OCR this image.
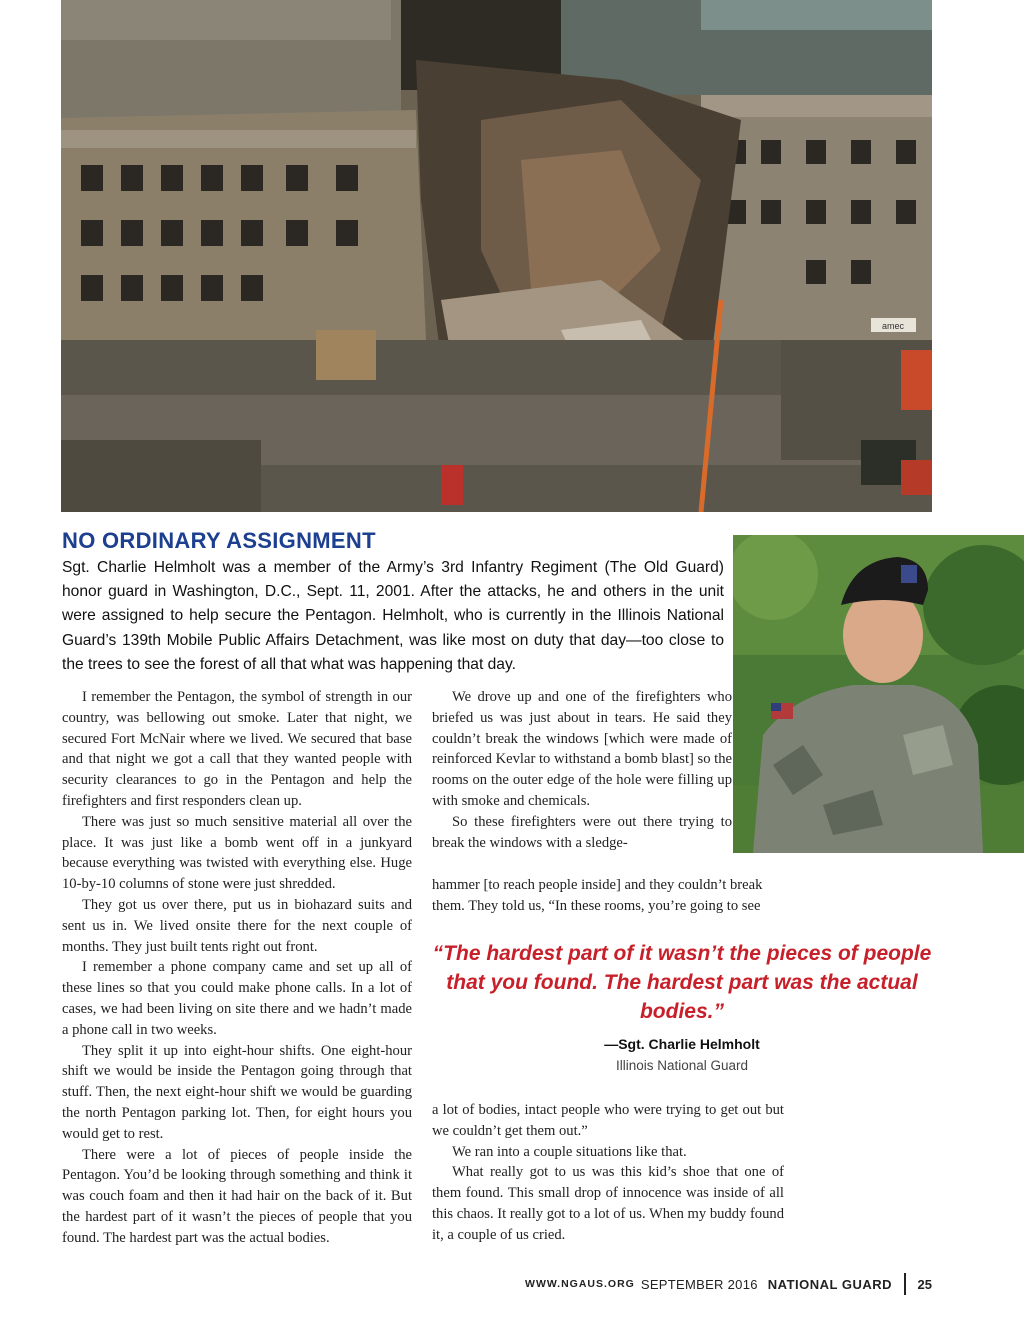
amec
NO ORDINARY ASSIGNMENT

Sgt. Charlie Helmholt was a member of the Army’s 3rd Infantry Regiment (The Old Guard) honor guard in Washington, D.C., Sept. 11, 2001. After the attacks, he and others in the unit were assigned to help secure the Pentagon. Helmholt, who is currently in the Illinois National Guard’s 139th Mobile Public Affairs Detachment, was like most on duty that day—too close to the trees to see the forest of all that what was happening that day.

I remember the Pentagon, the symbol of strength in our country, was bellowing out smoke. Later that night, we secured Fort McNair where we lived. We secured that base and that night we got a call that they wanted people with security clearances to go in the Pentagon and help the firefighters and first responders clean up.

There was just so much sensitive material all over the place. It was just like a bomb went off in a junkyard because everything was twisted with everything else. Huge 10-by-10 columns of stone were just shredded.

They got us over there, put us in biohazard suits and sent us in. We lived onsite there for the next couple of months. They just built tents right out front.

I remember a phone company came and set up all of these lines so that you could make phone calls. In a lot of cases, we had been living on site there and we hadn’t made a phone call in two weeks.

They split it up into eight-hour shifts. One eight-hour shift we would be inside the Pentagon going through that stuff. Then, the next eight-hour shift we would be guarding the north Pentagon parking lot. Then, for eight hours you would get to rest.

There were a lot of pieces of people inside the Pentagon. You’d be looking through something and think it was couch foam and then it had hair on the back of it. But the hardest part of it wasn’t the pieces of people that you found. The hardest part was the actual bodies.

We drove up and one of the firefighters who briefed us was just about in tears. He said they couldn’t break the windows [which were made of reinforced Kevlar to withstand a bomb blast] so the rooms on the outer edge of the hole were filling up with smoke and chemicals.

So these firefighters were out there trying to break the windows with a sledge-

hammer [to reach people inside] and they couldn’t break
them. They told us, “In these rooms, you’re going to see

“The hardest part of it wasn’t the pieces of people that you found. The hardest part was the actual bodies.”

—Sgt. Charlie Helmholt
Illinois National Guard

a lot of bodies, intact people who were trying to get out but we couldn’t get them out.”

We ran into a couple situations like that.

What really got to us was this kid’s shoe that one of them found. This small drop of innocence was inside of all this chaos. It really got to a lot of us. When my buddy found it, a couple of us cried.

WWW.NGAUS.ORG SEPTEMBER 2016 NATIONAL GUARD 25
